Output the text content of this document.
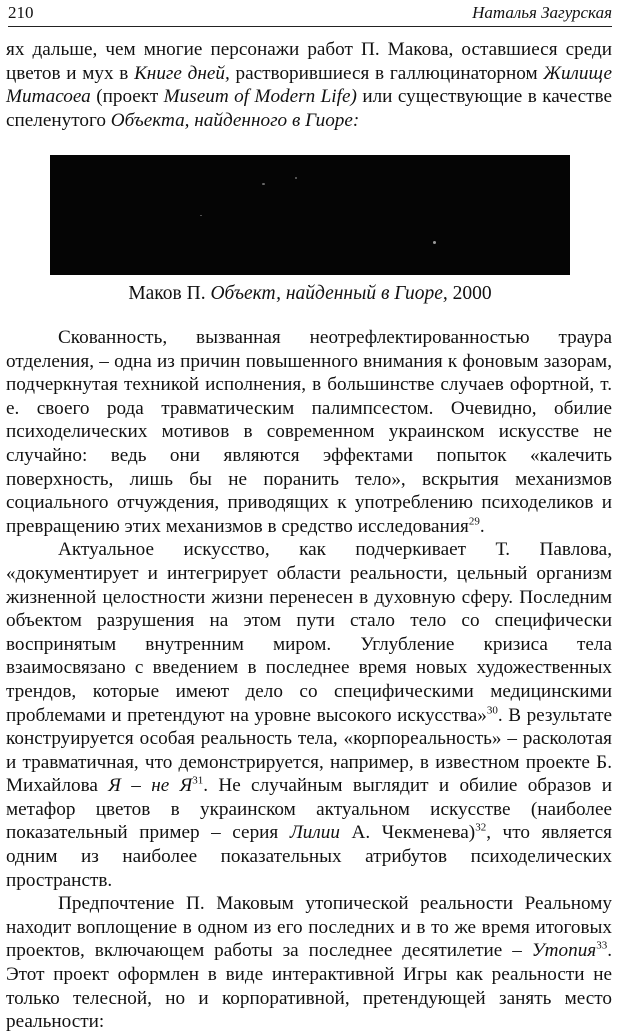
210	Наталья Загурская

ях дальше, чем многие персонажи работ П. Макова, оставшиеся среди цветов и мух в Книге дней, растворившиеся в галлюцинаторном Жилище Митасоеа (проект Museum of Modern Life) или существующие в качестве спеленутого Объекта, найденного в Гиоре:

Маков П. Объект, найденный в Гиоре, 2000

Скованность, вызванная неотрефлектированностью траура отделения, – одна из причин повышенного внимания к фоновым зазорам, подчеркнутая техникой исполнения, в большинстве случаев офортной, т. е. своего рода травматическим палимпсестом. Очевидно, обилие психоделических мотивов в современном украинском искусстве не случайно: ведь они являются эффектами попыток «калечить поверхность, лишь бы не поранить тело», вскрытия механизмов социального отчуждения, приводящих к употреблению психоделиков и превращению этих механизмов в средство исследования$^{29}$.

Актуальное искусство, как подчеркивает Т. Павлова, «документирует и интегрирует области реальности, цельный организм жизненной целостности жизни перенесен в духовную сферу. Последним объектом разрушения на этом пути стало тело со специфически воспринятым внутренним миром. Углубление кризиса тела взаимосвязано с введением в последнее время новых художественных трендов, которые имеют дело со специфическими медицинскими проблемами и претендуют на уровне высокого искусства»$^{30}$. В результате конструируется особая реальность тела, «корпореальность» – расколотая и травматичная, что демонстрируется, например, в известном проекте Б. Михайлова Я – не $Я^{31}$. Не случайным выглядит и обилие образов и метафор цветов в украинском актуальном искусстве (наиболее показательный пример – серия Лилии А. Чекменева)$^{32}$, что является одним из наиболее показательных атрибутов психоделических пространств.

Предпочтение П. Маковым утопической реальности Реальному находит воплощение в одном из его последних и в то же время итоговых проектов, включающем работы за последнее десятилетие – Утопия$^{33}$. Этот проект оформлен в виде интерактивной Игры как реальности не только телесной, но и корпоративной, претендующей занять место реальности:
